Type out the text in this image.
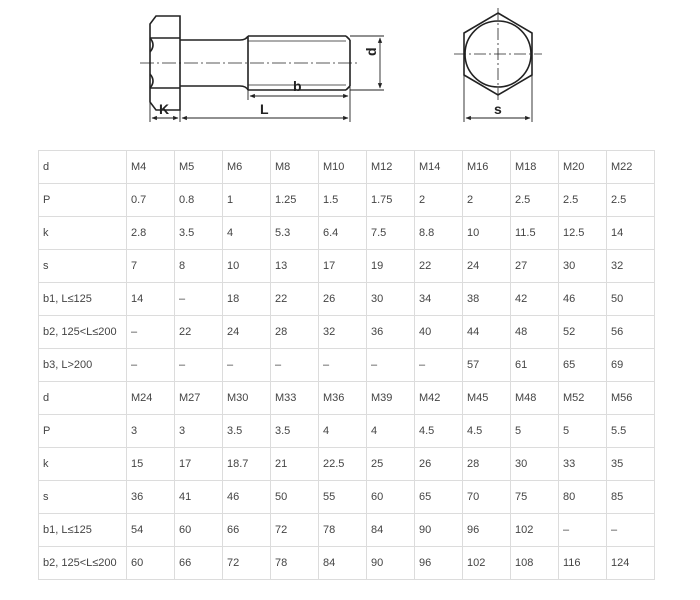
d
b
K	L	s
d	M4	M5	M6	M8	M10	M12	M14	M16	M18	M20	M22
P	0.7	0.8	1	1.25	1.5	1.75	2	2	2.5	2.5	2.5
k	2.8	3.5	4	5.3	6.4	7.5	8.8	10	11.5	12.5	14
s	7	8	10	13	17	19	22	24	27	30	32
b1, L≤125	14	–	18	22	26	30	34	38	42	46	50
b2, 125<L≤200	–	22	24	28	32	36	40	44	48	52	56
b3, L>200	–	–	–	–	–	–	–	57	61	65	69
d	M24	M27	M30	M33	M36	M39	M42	M45	M48	M52	M56
P	3	3	3.5	3.5	4	4	4.5	4.5	5	5	5.5
k	15	17	18.7	21	22.5	25	26	28	30	33	35
s	36	41	46	50	55	60	65	70	75	80	85
b1, L≤125	54	60	66	72	78	84	90	96	102	–	–
b2, 125<L≤200	60	66	72	78	84	90	96	102	108	116	124
